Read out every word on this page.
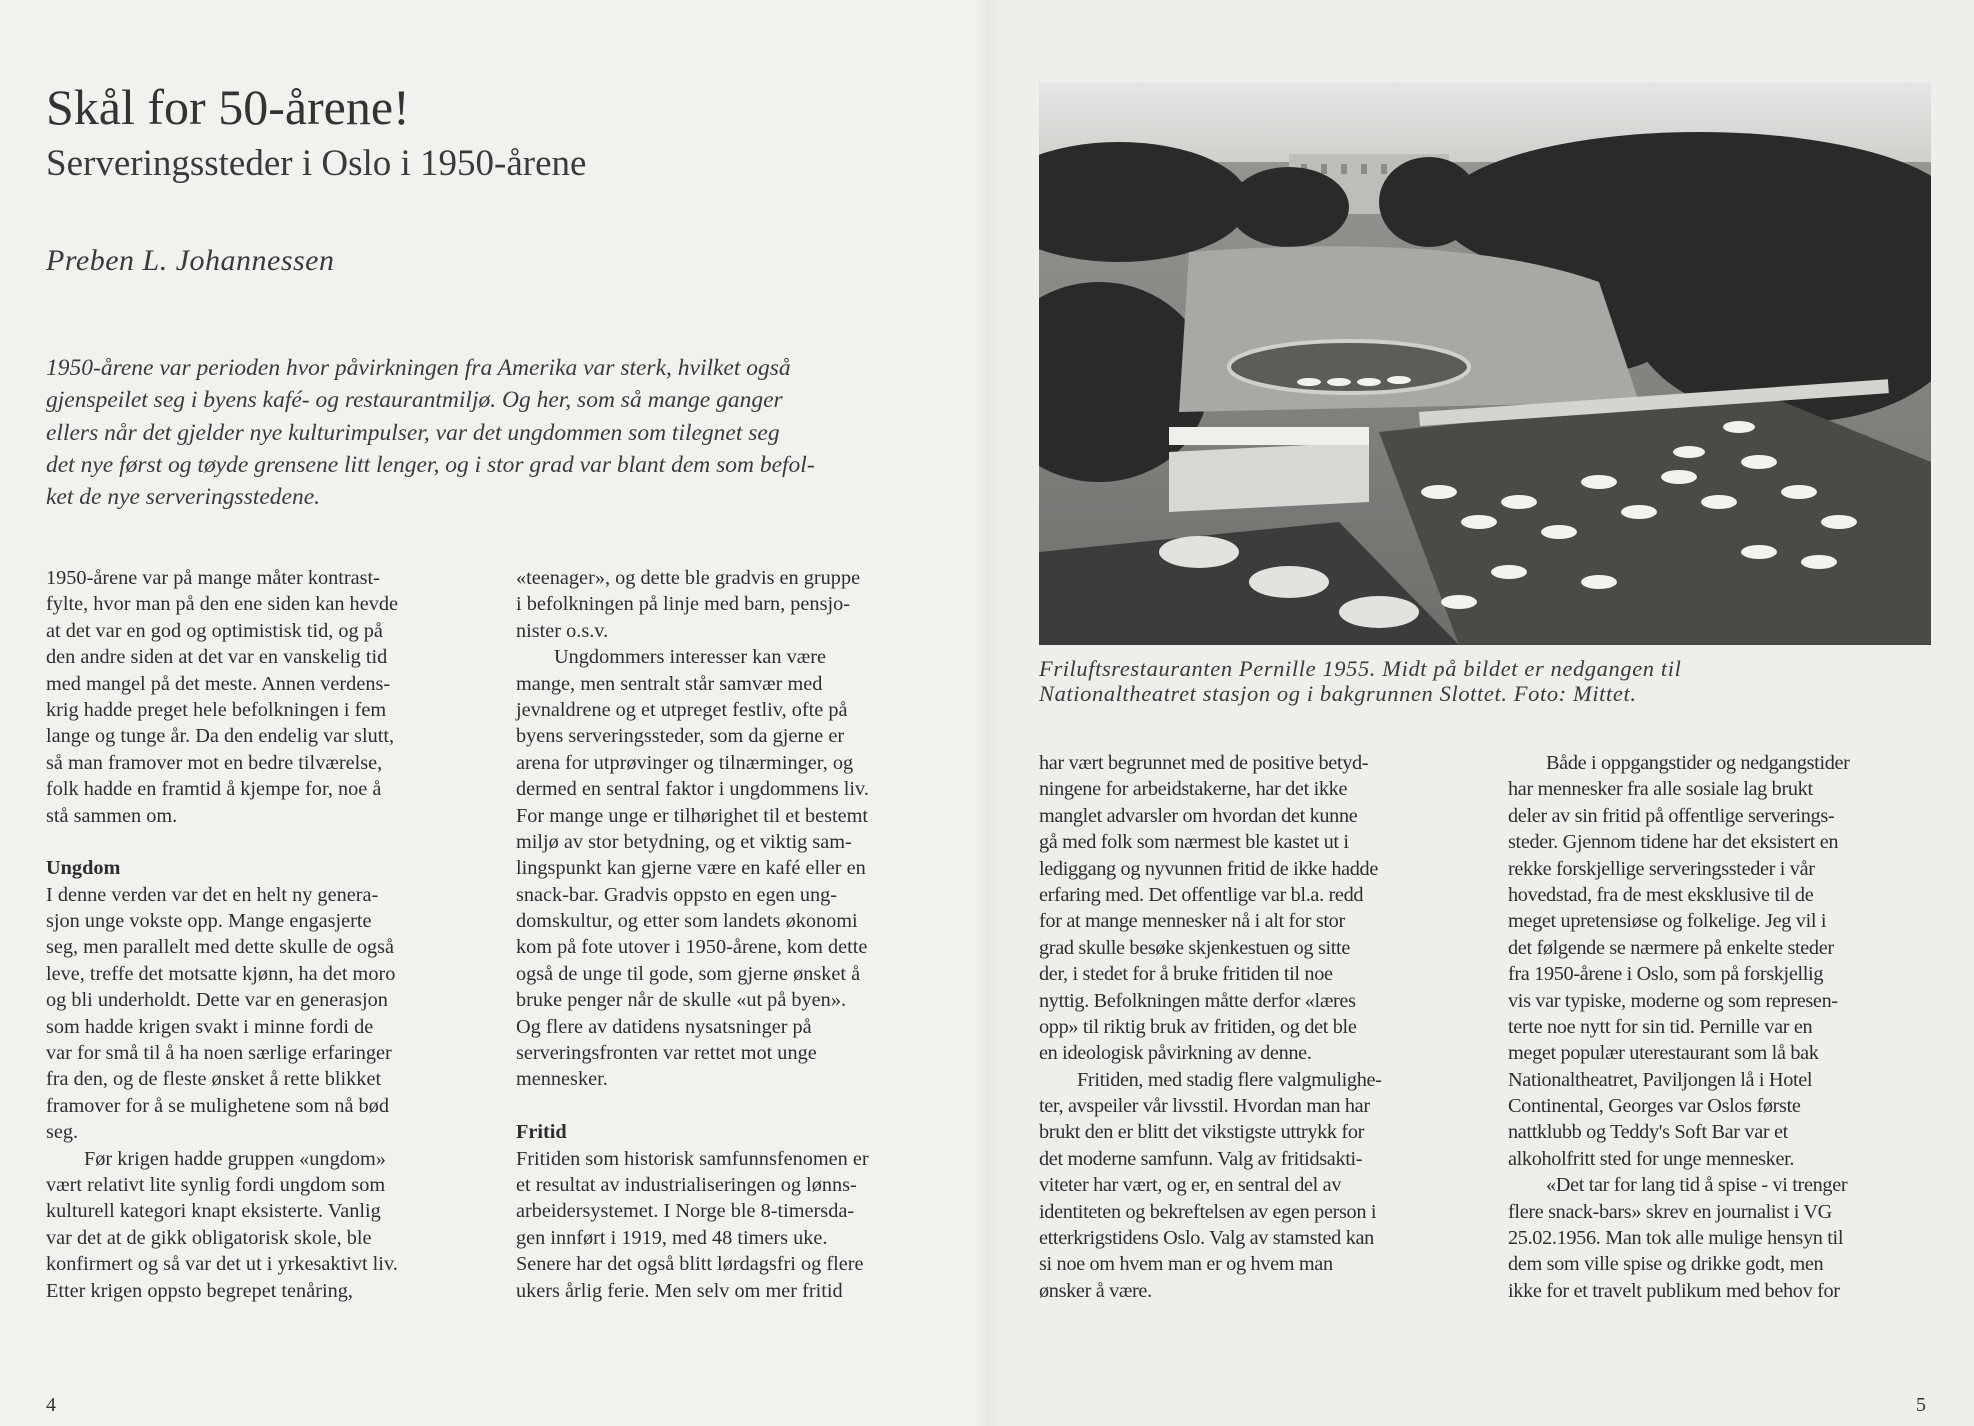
Skål for 50-årene!
Serveringssteder i Oslo i 1950-årene
Preben L. Johannessen
1950-årene var perioden hvor påvirkningen fra Amerika var sterk, hvilket også
gjenspeilet seg i byens kafé- og restaurantmiljø. Og her, som så mange ganger
ellers når det gjelder nye kulturimpulser, var det ungdommen som tilegnet seg
det nye først og tøyde grensene litt lenger, og i stor grad var blant dem som befol-
ket de nye serveringsstedene.
1950-årene var på mange måter kontrast-
fylte, hvor man på den ene siden kan hevde
at det var en god og optimistisk tid, og på
den andre siden at det var en vanskelig tid
med mangel på det meste. Annen verdens-
krig hadde preget hele befolkningen i fem
lange og tunge år. Da den endelig var slutt,
så man framover mot en bedre tilværelse,
folk hadde en framtid å kjempe for, noe å
stå sammen om.
Ungdom
I denne verden var det en helt ny genera-
sjon unge vokste opp. Mange engasjerte
seg, men parallelt med dette skulle de også
leve, treffe det motsatte kjønn, ha det moro
og bli underholdt. Dette var en generasjon
som hadde krigen svakt i minne fordi de
var for små til å ha noen særlige erfaringer
fra den, og de fleste ønsket å rette blikket
framover for å se mulighetene som nå bød
seg.
Før krigen hadde gruppen «ungdom»
vært relativt lite synlig fordi ungdom som
kulturell kategori knapt eksisterte. Vanlig
var det at de gikk obligatorisk skole, ble
konfirmert og så var det ut i yrkesaktivt liv.
Etter krigen oppsto begrepet tenåring,
«teenager», og dette ble gradvis en gruppe
i befolkningen på linje med barn, pensjo-
nister o.s.v.
Ungdommers interesser kan være
mange, men sentralt står samvær med
jevnaldrene og et utpreget festliv, ofte på
byens serveringssteder, som da gjerne er
arena for utprøvinger og tilnærminger, og
dermed en sentral faktor i ungdommens liv.
For mange unge er tilhørighet til et bestemt
miljø av stor betydning, og et viktig sam-
lingspunkt kan gjerne være en kafé eller en
snack-bar. Gradvis oppsto en egen ung-
domskultur, og etter som landets økonomi
kom på fote utover i 1950-årene, kom dette
også de unge til gode, som gjerne ønsket å
bruke penger når de skulle «ut på byen».
Og flere av datidens nysatsninger på
serveringsfronten var rettet mot unge
mennesker.
Fritid
Fritiden som historisk samfunnsfenomen er
et resultat av industrialiseringen og lønns-
arbeidersystemet. I Norge ble 8-timersda-
gen innført i 1919, med 48 timers uke.
Senere har det også blitt lørdagsfri og flere
ukers årlig ferie. Men selv om mer fritid
har vært begrunnet med de positive betyd-
ningene for arbeidstakerne, har det ikke
manglet advarsler om hvordan det kunne
gå med folk som nærmest ble kastet ut i
lediggang og nyvunnen fritid de ikke hadde
erfaring med. Det offentlige var bl.a. redd
for at mange mennesker nå i alt for stor
grad skulle besøke skjenkestuen og sitte
der, i stedet for å bruke fritiden til noe
nyttig. Befolkningen måtte derfor «læres
opp» til riktig bruk av fritiden, og det ble
en ideologisk påvirkning av denne.
Fritiden, med stadig flere valgmulighe-
ter, avspeiler vår livsstil. Hvordan man har
brukt den er blitt det vikstigste uttrykk for
det moderne samfunn. Valg av fritidsakti-
viteter har vært, og er, en sentral del av
identiteten og bekreftelsen av egen person i
etterkrigstidens Oslo. Valg av stamsted kan
si noe om hvem man er og hvem man
ønsker å være.
Både i oppgangstider og nedgangstider
har mennesker fra alle sosiale lag brukt
deler av sin fritid på offentlige serverings-
steder. Gjennom tidene har det eksistert en
rekke forskjellige serveringssteder i vår
hovedstad, fra de mest eksklusive til de
meget upretensiøse og folkelige. Jeg vil i
det følgende se nærmere på enkelte steder
fra 1950-årene i Oslo, som på forskjellig
vis var typiske, moderne og som represen-
terte noe nytt for sin tid. Pernille var en
meget populær uterestaurant som lå bak
Nationaltheatret, Paviljongen lå i Hotel
Continental, Georges var Oslos første
nattklubb og Teddy's Soft Bar var et
alkoholfritt sted for unge mennesker.
«Det tar for lang tid å spise - vi trenger
flere snack-bars» skrev en journalist i VG
25.02.1956. Man tok alle mulige hensyn til
dem som ville spise og drikke godt, men
ikke for et travelt publikum med behov for
Friluftsrestauranten Pernille 1955. Midt på bildet er nedgangen til
Nationaltheatret stasjon og i bakgrunnen Slottet. Foto: Mittet.
4	5
